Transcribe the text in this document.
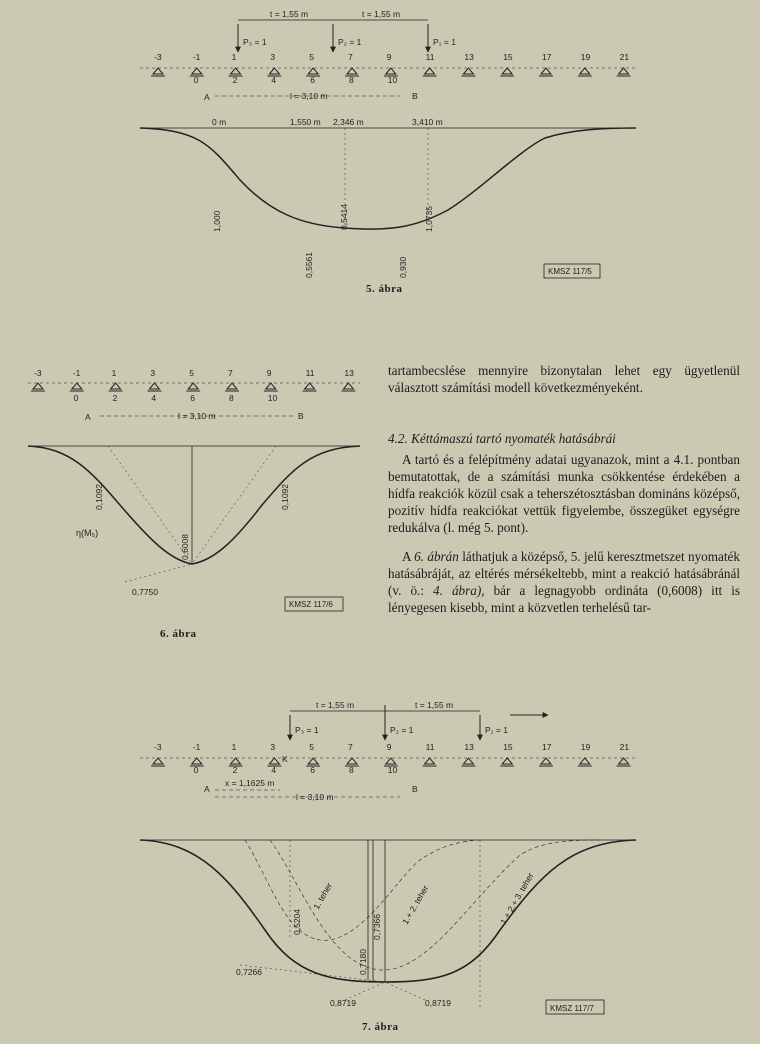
t = 1,55 m	t = 1,55 m
P₃ = 1	P₂ = 1	P₁ = 1
-3	-1	1	3	5	7	9	11	13	15	17	19	21
0	2	4	6	8	10
A	B
l = 3,10 m
0 m	1,550 m 2,346 m	3,410 m
1,000	0,5414	1,0735
0,5561	0,930	KMSZ 117/5
-3	-1	1	3	5	7	9	11	13
0	2	4	6	8	10
A	B
l = 3,10 m
0,1092	0,1092
0,6008
0,7750
η(M₅)
KMSZ 117/6
t = 1,55 m	t = 1,55 m
P₃ = 1	P₂ = 1	P₁ = 1
-3	-1	1	3	5	7	9	11	13	15	17	19	21
0	2	4	6	8	10
K
A	B
x = 1,1625 m
l = 3,10 m
0,5204
0,7180
0,7366
0,7266
0,8719	0,8719
1. teher	1.+ 2. teher	1.+ 2.+ 3. teher
KMSZ 117/7
5. ábra
6. ábra
7. ábra
tartambecslése mennyire bizonytalan lehet egy ügyetlenül választott számítási modell következményeként.
4.2. Kéttámaszú tartó nyomaték hatásábrái
A tartó és a felépítmény adatai ugyanazok, mint a 4.1. pontban bemutatottak, de a számítási munka csökkentése érdekében a hídfa reakciók közül csak a teherszétosztásban domináns középső, pozitív hídfa reakciókat vettük figyelembe, összegüket egységre redukálva (l. még 5. pont).
A 6. ábrán láthatjuk a középső, 5. jelű keresztmetszet nyomaték hatásábráját, az eltérés mérsékeltebb, mint a reakció hatásábránál (v. ö.: 4. ábra), bár a legnagyobb ordináta (0,6008) itt is lényegesen kisebb, mint a közvetlen terhelésű tar-
